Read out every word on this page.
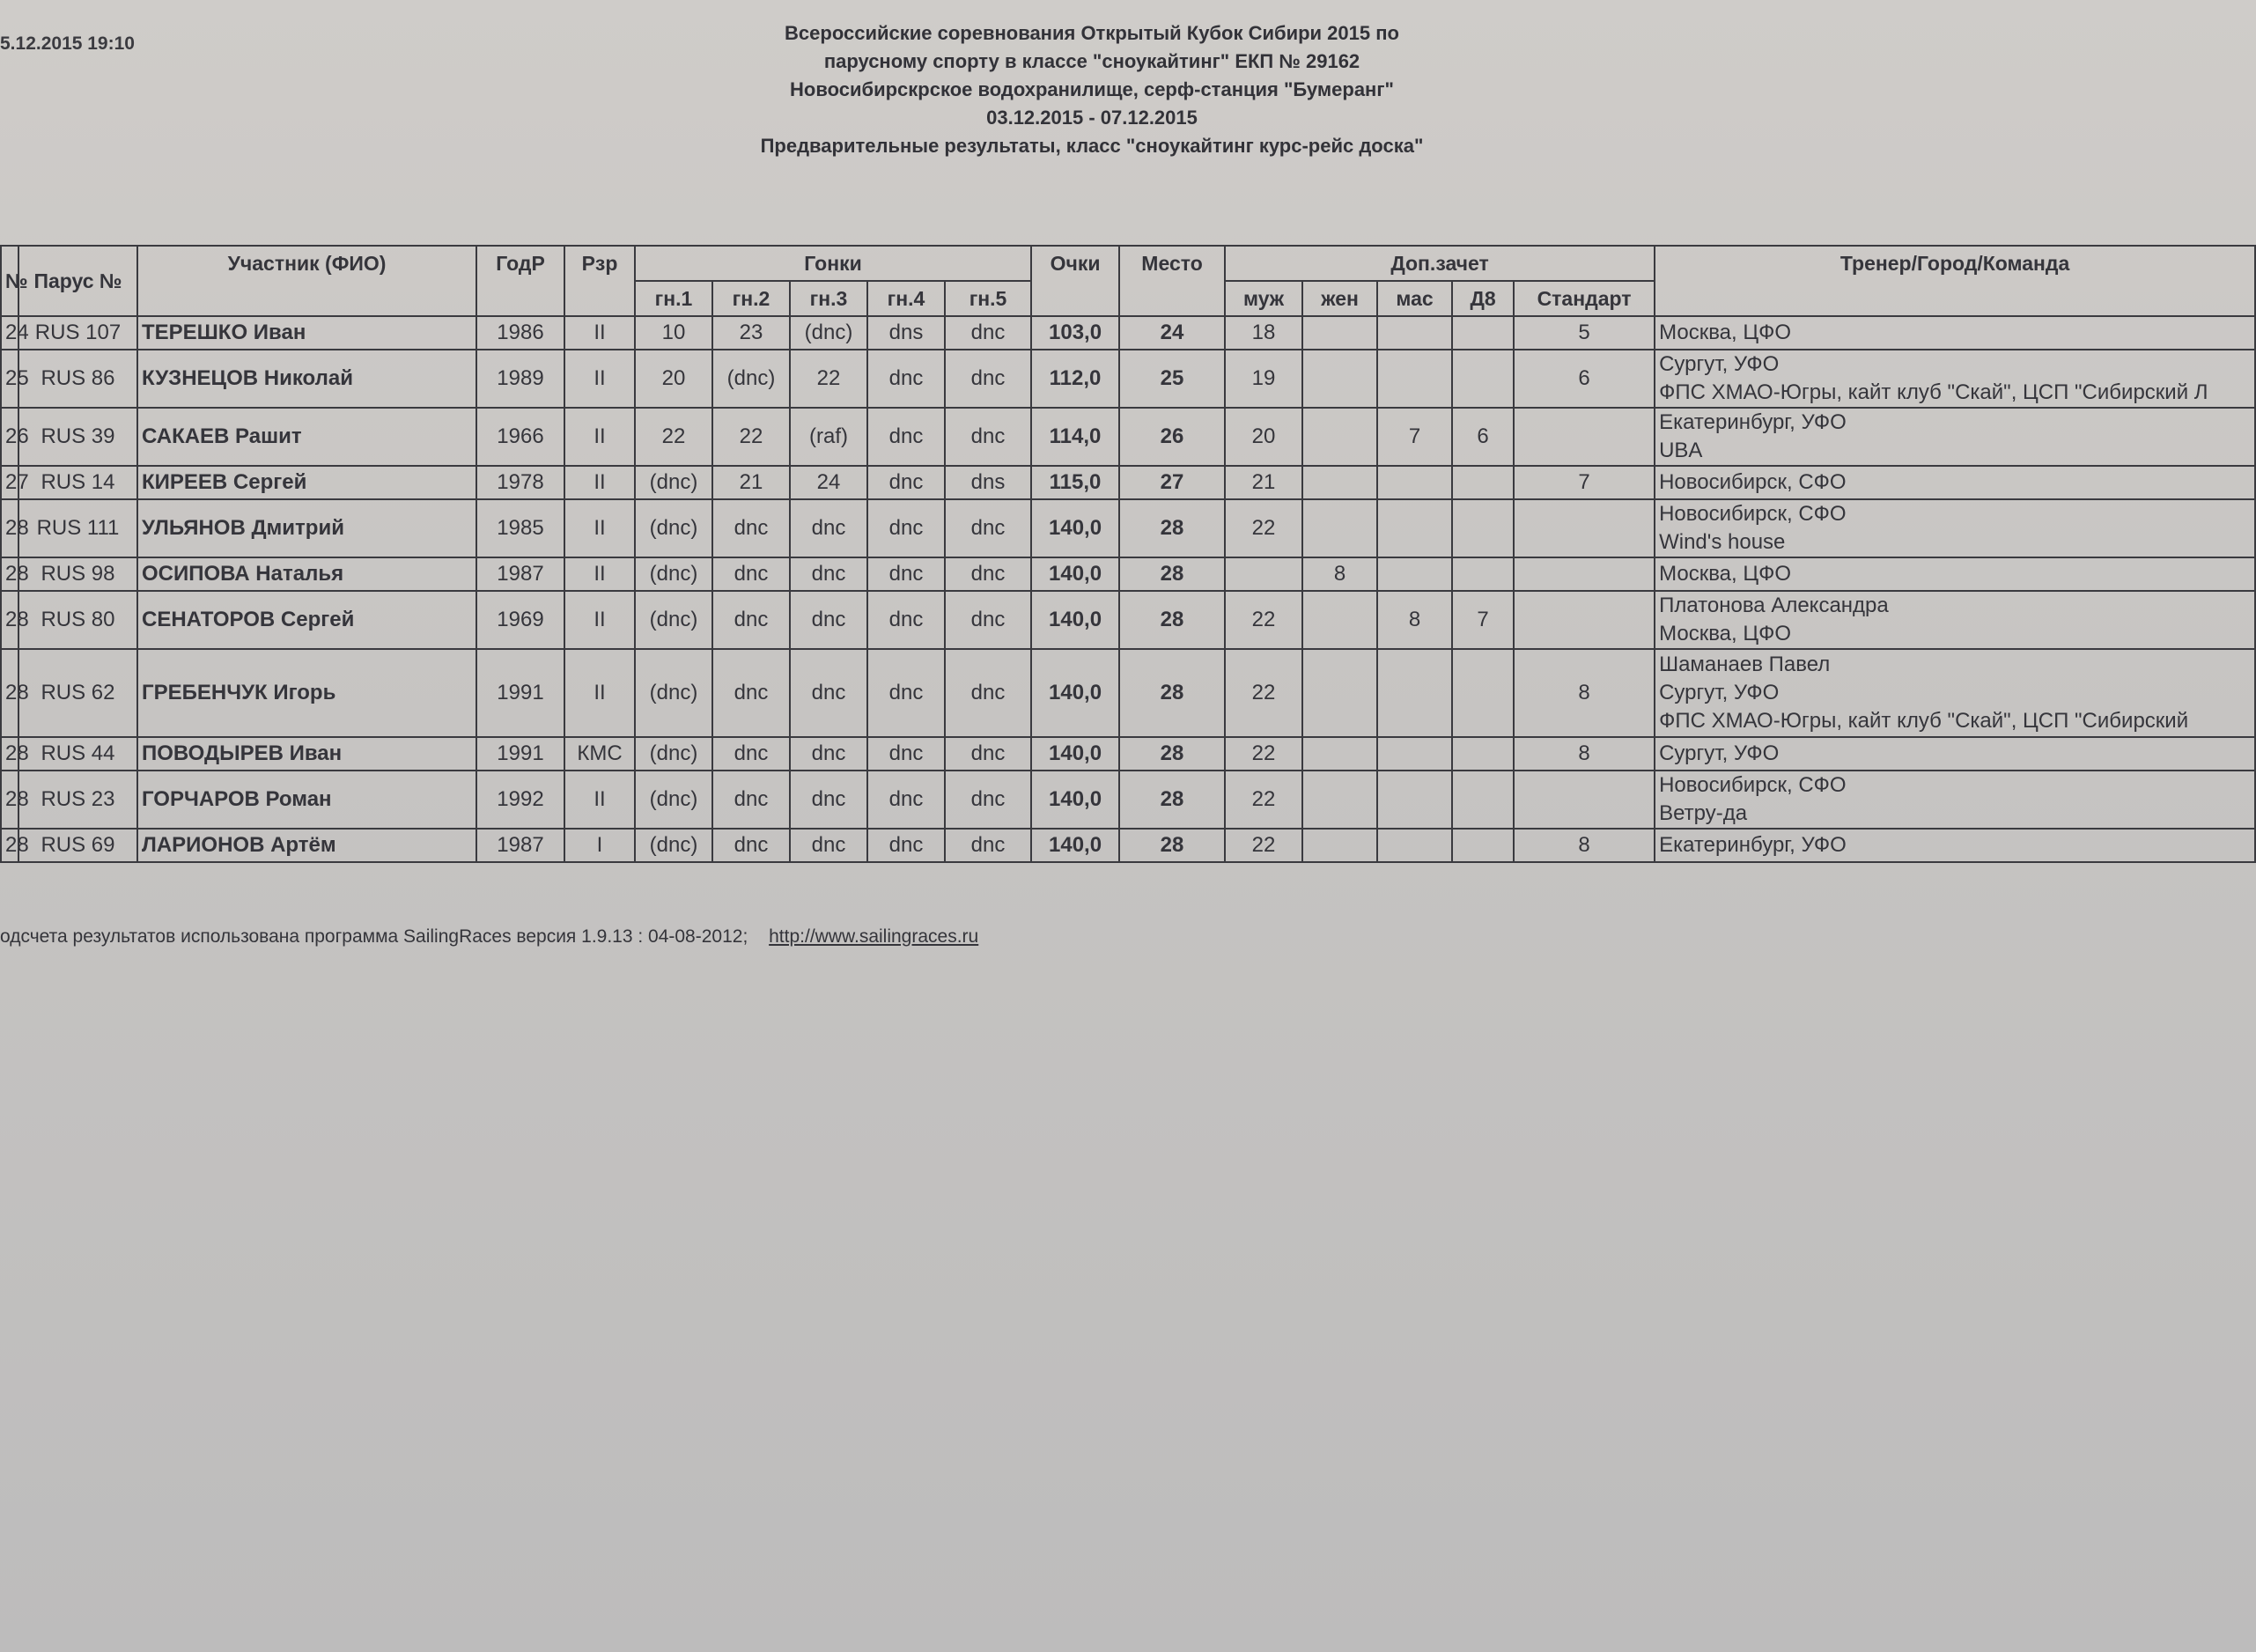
5.12.2015 19:10	Всероссийские соревнования Открытый Кубок Сибири 2015 по
парусному спорту в классе "сноукайтинг" ЕКП № 29162
Новосибирскрское водохранилище, серф-станция "Бумеранг"
03.12.2015 - 07.12.2015
Предварительные результаты, класс "сноукайтинг курс-рейс доска"
№	Парус №	Участник (ФИО)	ГодР	Рзр	Гонки					Очки	Место	Доп.зачет					Тренер/Город/Команда
					гн.1	гн.2	гн.3	гн.4	гн.5			муж	жен	мас	Д8	Стандарт	
24	RUS 107	ТЕРЕШКО Иван	1986	II	10	23	(dnc)	dns	dnc	103,0	24	18				5	Москва, ЦФО

25	RUS 86	КУЗНЕЦОВ Николай	1989	II	20	(dnc)	22	dnc	dnc	112,0	25	19				6	Сургут, УФО
ФПС ХМАО-Югры, кайт клуб "Скай", ЦСП "Сибирский Л

26	RUS 39	САКАЕВ Рашит	1966	II	22	22	(raf)	dnc	dnc	114,0	26	20		7	6		Екатеринбург, УФО
UBA

27	RUS 14	КИРЕЕВ Сергей	1978	II	(dnc)	21	24	dnc	dns	115,0	27	21				7	Новосибирск, СФО

28	RUS 111	УЛЬЯНОВ Дмитрий	1985	II	(dnc)	dnc	dnc	dnc	dnc	140,0	28	22					Новосибирск, СФО
Wind's house

28	RUS 98	ОСИПОВА Наталья	1987	II	(dnc)	dnc	dnc	dnc	dnc	140,0	28		8				Москва, ЦФО

28	RUS 80	СЕНАТОРОВ Сергей	1969	II	(dnc)	dnc	dnc	dnc	dnc	140,0	28	22		8	7		Платонова Александра
Москва, ЦФО

28	RUS 62	ГРЕБЕНЧУК Игорь	1991	II	(dnc)	dnc	dnc	dnc	dnc	140,0	28	22				8	Шаманаев Павел
Сургут, УФО
ФПС ХМАО-Югры, кайт клуб "Скай", ЦСП "Сибирский

28	RUS 44	ПОВОДЫРЕВ Иван	1991	КМС	(dnc)	dnc	dnc	dnc	dnc	140,0	28	22				8	Сургут, УФО

28	RUS 23	ГОРЧАРОВ Роман	1992	II	(dnc)	dnc	dnc	dnc	dnc	140,0	28	22					Новосибирск, СФО
Ветру-да

28	RUS 69	ЛАРИОНОВ Артём	1987	I	(dnc)	dnc	dnc	dnc	dnc	140,0	28	22				8	Екатеринбург, УФО
одсчета результатов использована программа SailingRaces версия 1.9.13 : 04-08-2012; http://www.sailingraces.ru
